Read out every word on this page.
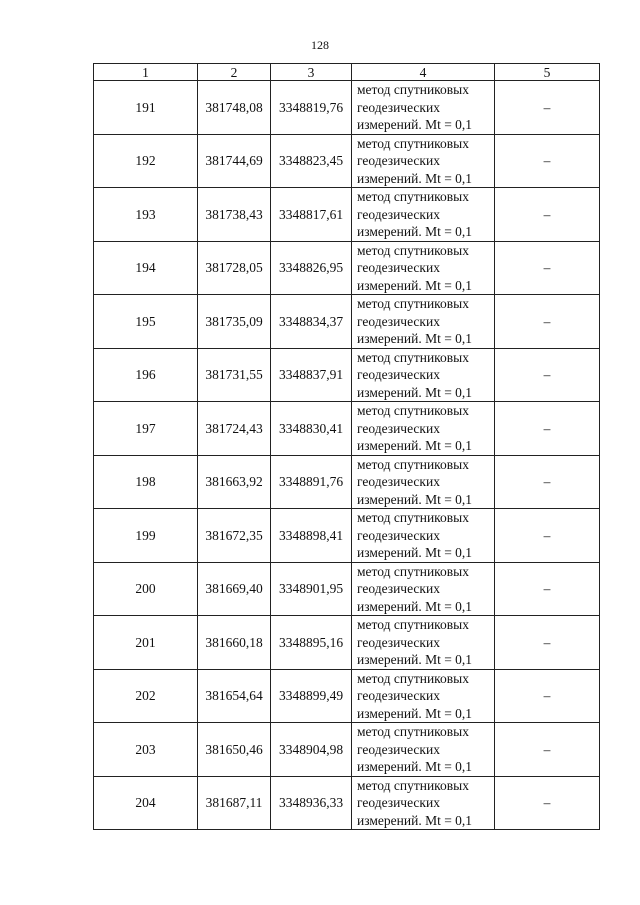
128
1	2	3	4	5
191	381748,08	3348819,76	метод спутниковых
геодезических
измерений. Mt = 0,1	–
192	381744,69	3348823,45	метод спутниковых
геодезических
измерений. Mt = 0,1	–
193	381738,43	3348817,61	метод спутниковых
геодезических
измерений. Mt = 0,1	–
194	381728,05	3348826,95	метод спутниковых
геодезических
измерений. Mt = 0,1	–
195	381735,09	3348834,37	метод спутниковых
геодезических
измерений. Mt = 0,1	–
196	381731,55	3348837,91	метод спутниковых
геодезических
измерений. Mt = 0,1	–
197	381724,43	3348830,41	метод спутниковых
геодезических
измерений. Mt = 0,1	–
198	381663,92	3348891,76	метод спутниковых
геодезических
измерений. Mt = 0,1	–
199	381672,35	3348898,41	метод спутниковых
геодезических
измерений. Mt = 0,1	–
200	381669,40	3348901,95	метод спутниковых
геодезических
измерений. Mt = 0,1	–
201	381660,18	3348895,16	метод спутниковых
геодезических
измерений. Mt = 0,1	–
202	381654,64	3348899,49	метод спутниковых
геодезических
измерений. Mt = 0,1	–
203	381650,46	3348904,98	метод спутниковых
геодезических
измерений. Mt = 0,1	–
204	381687,11	3348936,33	метод спутниковых
геодезических
измерений. Mt = 0,1	–
